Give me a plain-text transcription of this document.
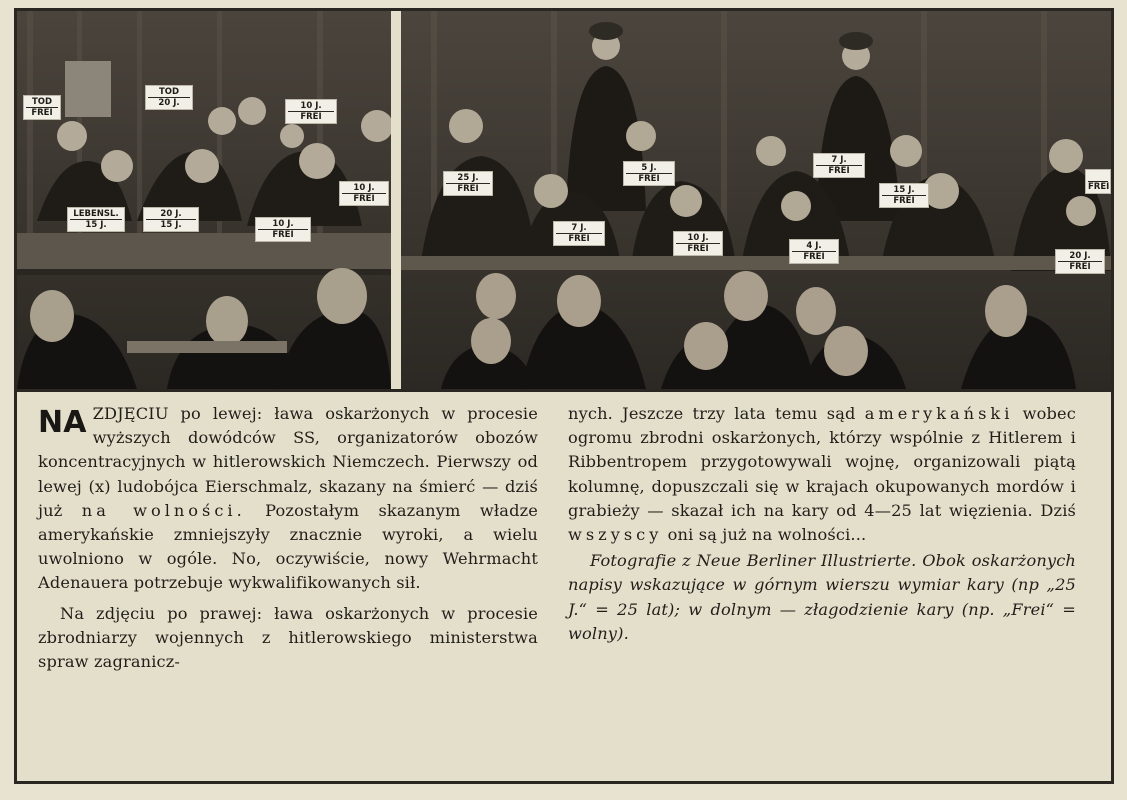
TOD
FREI
TOD
20 J.	10 J.
FREI
10 J.
FREI
LEBENSL.
15 J.
20 J.
15 J.	10 J.
FREI
25 J.
FREI
5 J.
FREI
7 J.
FREI
7 J.
FREI
10 J.
FREI
15 J.
FREI
4 J.
FREI	20 J.
FREI

FREI

NA ZDJĘCIU po lewej: ława oskarżonych w procesie wyższych dowódców SS, organizatorów obozów koncentracyjnych w hitlerowskich Niemczech. Pierwszy od lewej (x) ludobójca Eierschmalz, skazany na śmierć — dziś już na wolności. Pozostałym skazanym władze amerykańskie zmniejszyły znacznie wyroki, a wielu uwolniono w ogóle. No, oczywiście, nowy Wehrmacht Adenauera potrzebuje wykwalifikowanych sił.

Na zdjęciu po prawej: ława oskarżonych w procesie zbrodniarzy wojennych z hitlerowskiego ministerstwa spraw zagranicz-

nych. Jeszcze trzy lata temu sąd amerykański wobec ogromu zbrodni oskarżonych, którzy wspólnie z Hitlerem i Ribbentropem przygotowywali wojnę, organizowali piątą kolumnę, dopuszczali się w krajach okupowanych mordów i grabieży — skazał ich na kary od 4—25 lat więzienia. Dziś wszyscy oni są już na wolności...

Fotografie z Neue Berliner Illustrierte. Obok oskarżonych napisy wskazujące w górnym wierszu wymiar kary (np „25 J.“ = 25 lat); w dolnym — złagodzienie kary (np. „Frei“ = wolny).
